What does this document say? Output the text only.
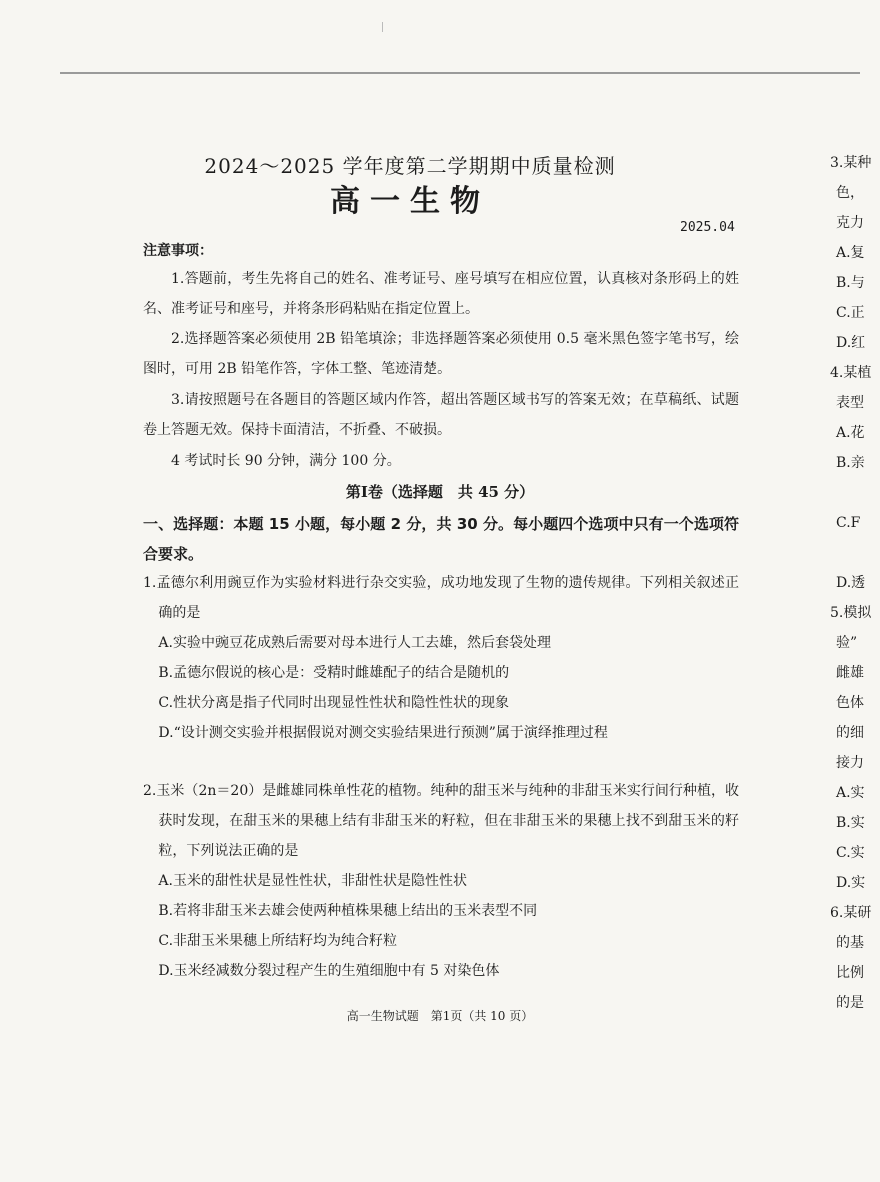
2024～2025 学年度第二学期期中质量检测
高一生物
2025.04
注意事项：
1.答题前，考生先将自己的姓名、准考证号、座号填写在相应位置，认真核对条形码上的姓名、准考证号和座号，并将条形码粘贴在指定位置上。
2.选择题答案必须使用 2B 铅笔填涂；非选择题答案必须使用 0.5 毫米黑色签字笔书写，绘图时，可用 2B 铅笔作答，字体工整、笔迹清楚。
3.请按照题号在各题目的答题区域内作答，超出答题区域书写的答案无效；在草稿纸、试题卷上答题无效。保持卡面清洁，不折叠、不破损。
4 考试时长 90 分钟，满分 100 分。
第Ⅰ卷（选择题　共 45 分）
一、选择题：本题 15 小题，每小题 2 分，共 30 分。每小题四个选项中只有一个选项符合要求。
1.孟德尔利用豌豆作为实验材料进行杂交实验，成功地发现了生物的遗传规律。下列相关叙述正确的是
A.实验中豌豆花成熟后需要对母本进行人工去雄，然后套袋处理
B.孟德尔假说的核心是：受精时雌雄配子的结合是随机的
C.性状分离是指子代同时出现显性性状和隐性性状的现象
D.“设计测交实验并根据假说对测交实验结果进行预测”属于演绎推理过程
2.玉米（2n＝20）是雌雄同株单性花的植物。纯种的甜玉米与纯种的非甜玉米实行间行种植，收获时发现，在甜玉米的果穗上结有非甜玉米的籽粒，但在非甜玉米的果穗上找不到甜玉米的籽粒，下列说法正确的是
A.玉米的甜性状是显性性状，非甜性状是隐性性状
B.若将非甜玉米去雄会使两种植株果穗上结出的玉米表型不同
C.非甜玉米果穗上所结籽均为纯合籽粒
D.玉米经减数分裂过程产生的生殖细胞中有 5 对染色体
高一生物试题　第1页（共 10 页）
3.某种
色，
克力
A.复
B.与
C.正
D.红
4.某植
表型
A.花
B.亲
C.F
D.透
5.模拟
验”
雌雄
色体
的细
接力
A.实
B.实
C.实
D.实
6.某研
的基
比例
的是
